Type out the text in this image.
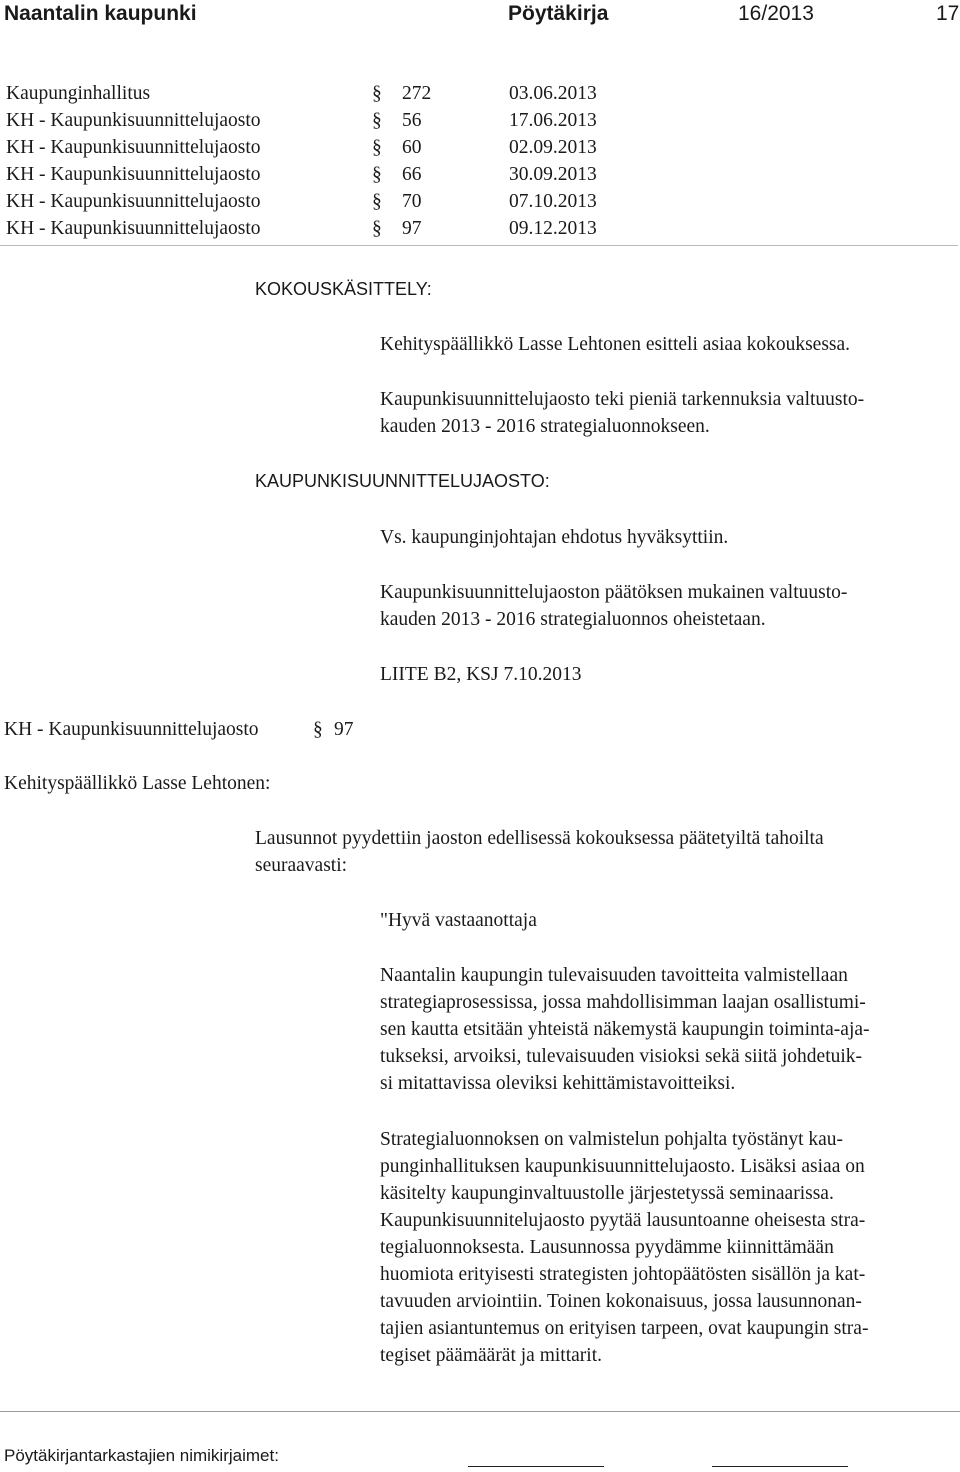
Naantalin kaupunki	Pöytäkirja	16/2013	17
Kaupunginhallitus	§ 272	03.06.2013
KH - Kaupunkisuunnittelujaosto	§ 56	17.06.2013
KH - Kaupunkisuunnittelujaosto	§ 60	02.09.2013
KH - Kaupunkisuunnittelujaosto	§ 66	30.09.2013
KH - Kaupunkisuunnittelujaosto	§ 70	07.10.2013
KH - Kaupunkisuunnittelujaosto	§ 97	09.12.2013
KOKOUSKÄSITTELY:
Kehityspäällikkö Lasse Lehtonen esitteli asiaa kokouksessa.
Kaupunkisuunnittelujaosto teki pieniä tarkennuksia valtuusto-
kauden 2013 - 2016 strategialuonnokseen.
KAUPUNKISUUNNITTELUJAOSTO:
Vs. kaupunginjohtajan ehdotus hyväksyttiin.
Kaupunkisuunnittelujaoston päätöksen mukainen valtuusto-
kauden 2013 - 2016 strategialuonnos oheistetaan.
LIITE B2, KSJ 7.10.2013
KH - Kaupunkisuunnittelujaosto	§ 97
Kehityspäällikkö Lasse Lehtonen:
Lausunnot pyydettiin jaoston edellisessä kokouksessa päätetyiltä tahoilta
seuraavasti:
"Hyvä vastaanottaja
Naantalin kaupungin tulevaisuuden tavoitteita valmistellaan
strategiaprosessissa, jossa mahdollisimman laajan osallistumi-
sen kautta etsitään yhteistä näkemystä kaupungin toiminta-aja-
tukseksi, arvoiksi, tulevaisuuden visioksi sekä siitä johdetuik-
si mitattavissa oleviksi kehittämistavoitteiksi.
Strategialuonnoksen on valmistelun pohjalta työstänyt kau-
punginhallituksen kaupunkisuunnittelujaosto. Lisäksi asiaa on
käsitelty kaupunginvaltuustolle järjestetyssä seminaarissa.
Kaupunkisuunnitelujaosto pyytää lausuntoanne oheisesta stra-
tegialuonnoksesta. Lausunnossa pyydämme kiinnittämään
huomiota erityisesti strategisten johtopäätösten sisällön ja kat-
tavuuden arviointiin. Toinen kokonaisuus, jossa lausunnonan-
tajien asiantuntemus on erityisen tarpeen, ovat kaupungin stra-
tegiset päämäärät ja mittarit.
Pöytäkirjantarkastajien nimikirjaimet:
